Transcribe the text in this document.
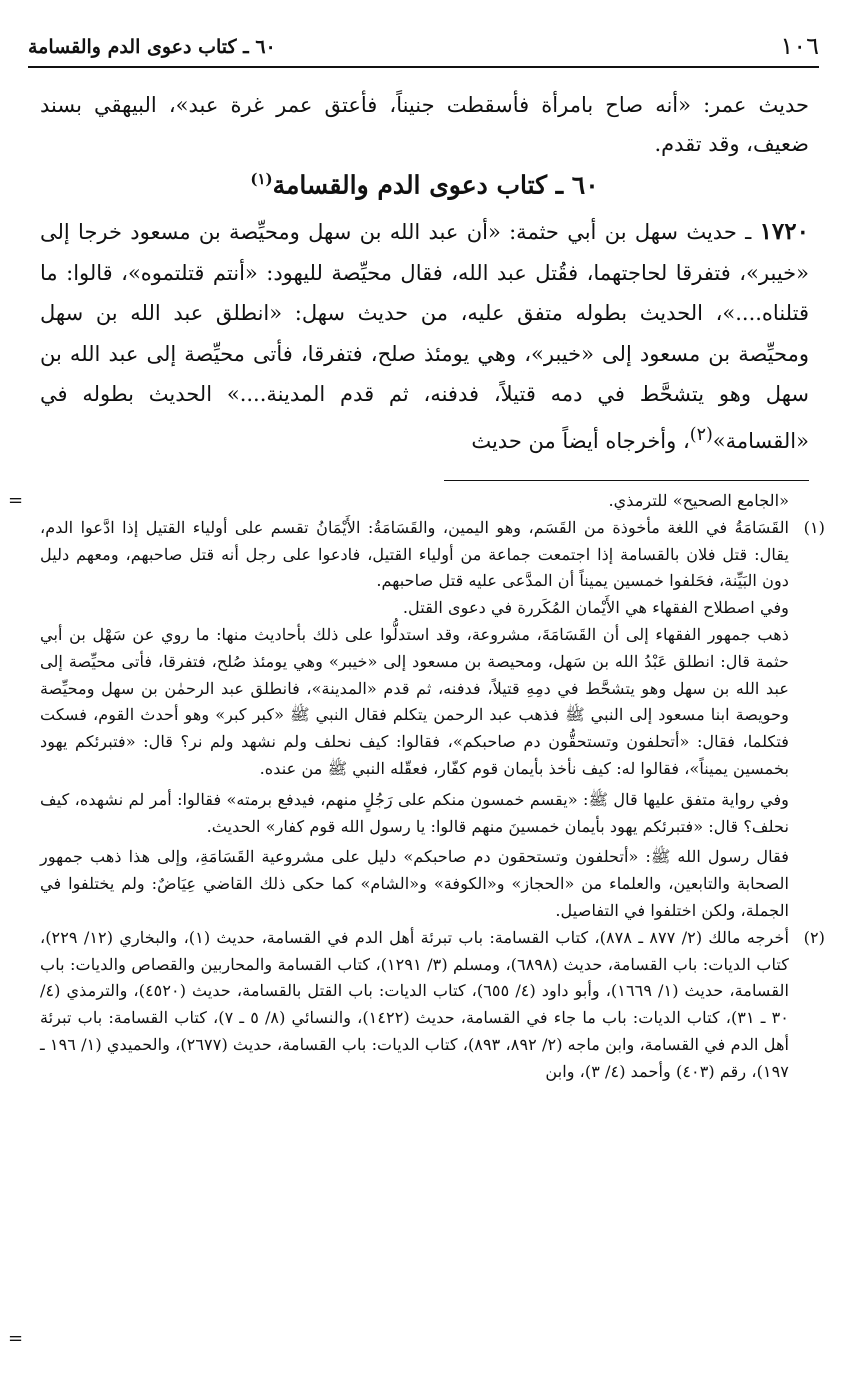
١٠٦
٦٠ ـ كتاب دعوى الدم والقسامة
حديث عمر: «أنه صاح بامرأة فأسقطت جنيناً، فأعتق عمر غرة عبد»، البيهقي بسند ضعيف، وقد تقدم.
٦٠ ـ كتاب دعوى الدم والقسامة$^{(١)}$
١٧٢٠ ـ حديث سهل بن أبي حثمة: «أن عبد الله بن سهل ومحيِّصة بن مسعود خرجا إلى «خيبر»، فتفرقا لحاجتهما، فقُتل عبد الله، فقال محيِّصة لليهود: «أنتم قتلتموه»، قالوا: ما قتلناه....»، الحديث بطوله متفق عليه، من حديث سهل: «انطلق عبد الله بن سهل ومحيِّصة بن مسعود إلى «خيبر»، وهي يومئذ صلح، فتفرقا، فأتى محيِّصة إلى عبد الله بن سهل وهو يتشحَّط في دمه قتيلاً، فدفنه، ثم قدم المدينة....» الحديث بطوله في «القسامة»$^{(٢)}$، وأخرجاه أيضاً من حديث
=	«الجامع الصحيح» للترمذي.

(١)

القَسَامَةُ في اللغة مأخوذة من القَسَم، وهو اليمين، والقَسَامَةُ: الأَيْمَانُ تقسم على أولياء القتيل إذا ادَّعوا الدم، يقال: قتل فلان بالقسامة إذا اجتمعت جماعة من أولياء القتيل، فادعوا على رجل أنه قتل صاحبهم، ومعهم دليل دون البَيِّنة، فحَلفوا خمسين يميناً أن المدَّعى عليه قتل صاحبهم.

وفي اصطلاح الفقهاء هي الأَيْمان المُكَررة في دعوى القتل.

ذهب جمهور الفقهاء إلى أن القَسَامَةَ، مشروعة، وقد استدلُّوا على ذلك بأحاديث منها: ما روي عن سَهْل بن أبي حثمة قال: انطلق عَبْدُ الله بن سَهل، ومحيصة بن مسعود إلى «خيبر» وهي يومئذ صُلح، فتفرقا، فأتى محيِّصة إلى عبد الله بن سهل وهو يتشحَّط في دمِهِ قتيلاً، فدفنه، ثم قدم «المدينة»، فانطلق عبد الرحمٰن بن سهل ومحيِّصة وحويصة ابنا مسعود إلى النبي ﷺ فذهب عبد الرحمن يتكلم فقال النبي ﷺ «كبر كبر» وهو أحدث القوم، فسكت فتكلما، فقال: «أتحلفون وتستحقُّون دم صاحبكم»، فقالوا: كيف نحلف ولم نشهد ولم نر؟ قال: «فتبرئكم يهود بخمسين يميناً»، فقالوا له: كيف نأخذ بأيمان قوم كفّار، فعقّله النبي ﷺ من عنده.

وفي رواية متفق عليها قال ﷺ: «يقسم خمسون منكم على رَجُلٍ منهم، فيدفع برمته» فقالوا: أمر لم نشهده، كيف نحلف؟ قال: «فتبرئكم يهود بأيمان خمسينَ منهم قالوا: يا رسول الله قوم كفار» الحديث.

فقال رسول الله ﷺ: «أتحلفون وتستحقون دم صاحبكم» دليل على مشروعية القَسَامَةِ، وإلى هذا ذهب جمهور الصحابة والتابعين، والعلماء من «الحجاز» و«الكوفة» و«الشام» كما حكى ذلك القاضي عِيَاضٌ: ولم يختلفوا في الجملة، ولكن اختلفوا في التفاصيل.

(٢)

أخرجه مالك (٢/ ٨٧٧ ـ ٨٧٨)، كتاب القسامة: باب تبرئة أهل الدم في القسامة، حديث (١)، والبخاري (١٢/ ٢٢٩)، كتاب الديات: باب القسامة، حديث (٦٨٩٨)، ومسلم (٣/ ١٢٩١)، كتاب القسامة والمحاربين والقصاص والديات: باب القسامة، حديث (١/ ١٦٦٩)، وأبو داود (٤/ ٦٥٥)، كتاب الديات: باب القتل بالقسامة، حديث (٤٥٢٠)، والترمذي (٤/ ٣٠ ـ ٣١)، كتاب الديات: باب ما جاء في القسامة، حديث (١٤٢٢)، والنسائي (٨/ ٥ ـ ٧)، كتاب القسامة: باب تبرئة أهل الدم في القسامة، وابن ماجه (٢/ ٨٩٢، ٨٩٣)، كتاب الديات: باب القسامة، حديث (٢٦٧٧)، والحميدي (١/ ١٩٦ ـ ١٩٧)، رقم (٤٠٣) وأحمد (٤/ ٣)، وابن

=
